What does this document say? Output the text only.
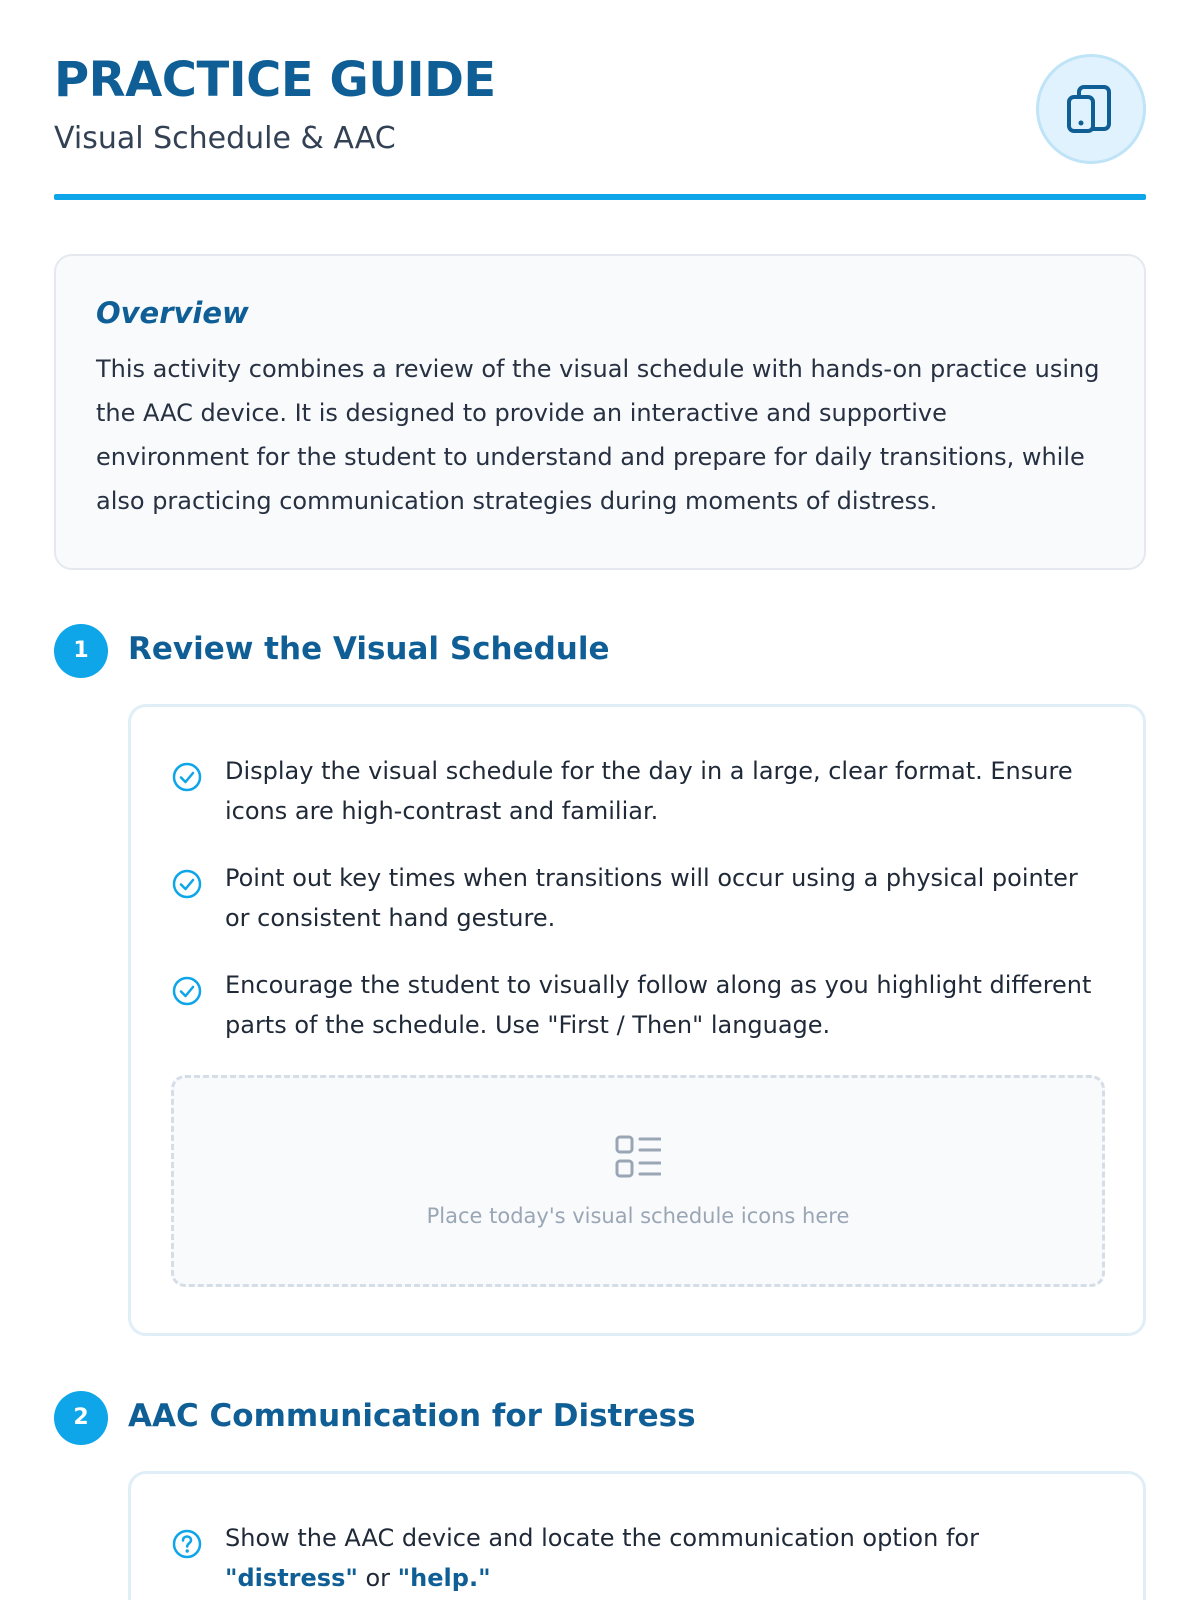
PRACTICE GUIDE
Visual Schedule & AAC

Overview

This activity combines a review of the visual schedule with hands-on practice using the AAC device. It is designed to provide an interactive and supportive environment for the student to understand and prepare for daily transitions, while also practicing communication strategies during moments of distress.

1	Review the Visual Schedule
Display the visual schedule for the day in a large, clear format. Ensure icons are high-contrast and familiar.
Point out key times when transitions will occur using a physical pointer or consistent hand gesture.
Encourage the student to visually follow along as you highlight different parts of the schedule. Use "First / Then" language.
Place today's visual schedule icons here
2	AAC Communication for Distress
Show the AAC device and locate the communication option for "distress" or "help."
